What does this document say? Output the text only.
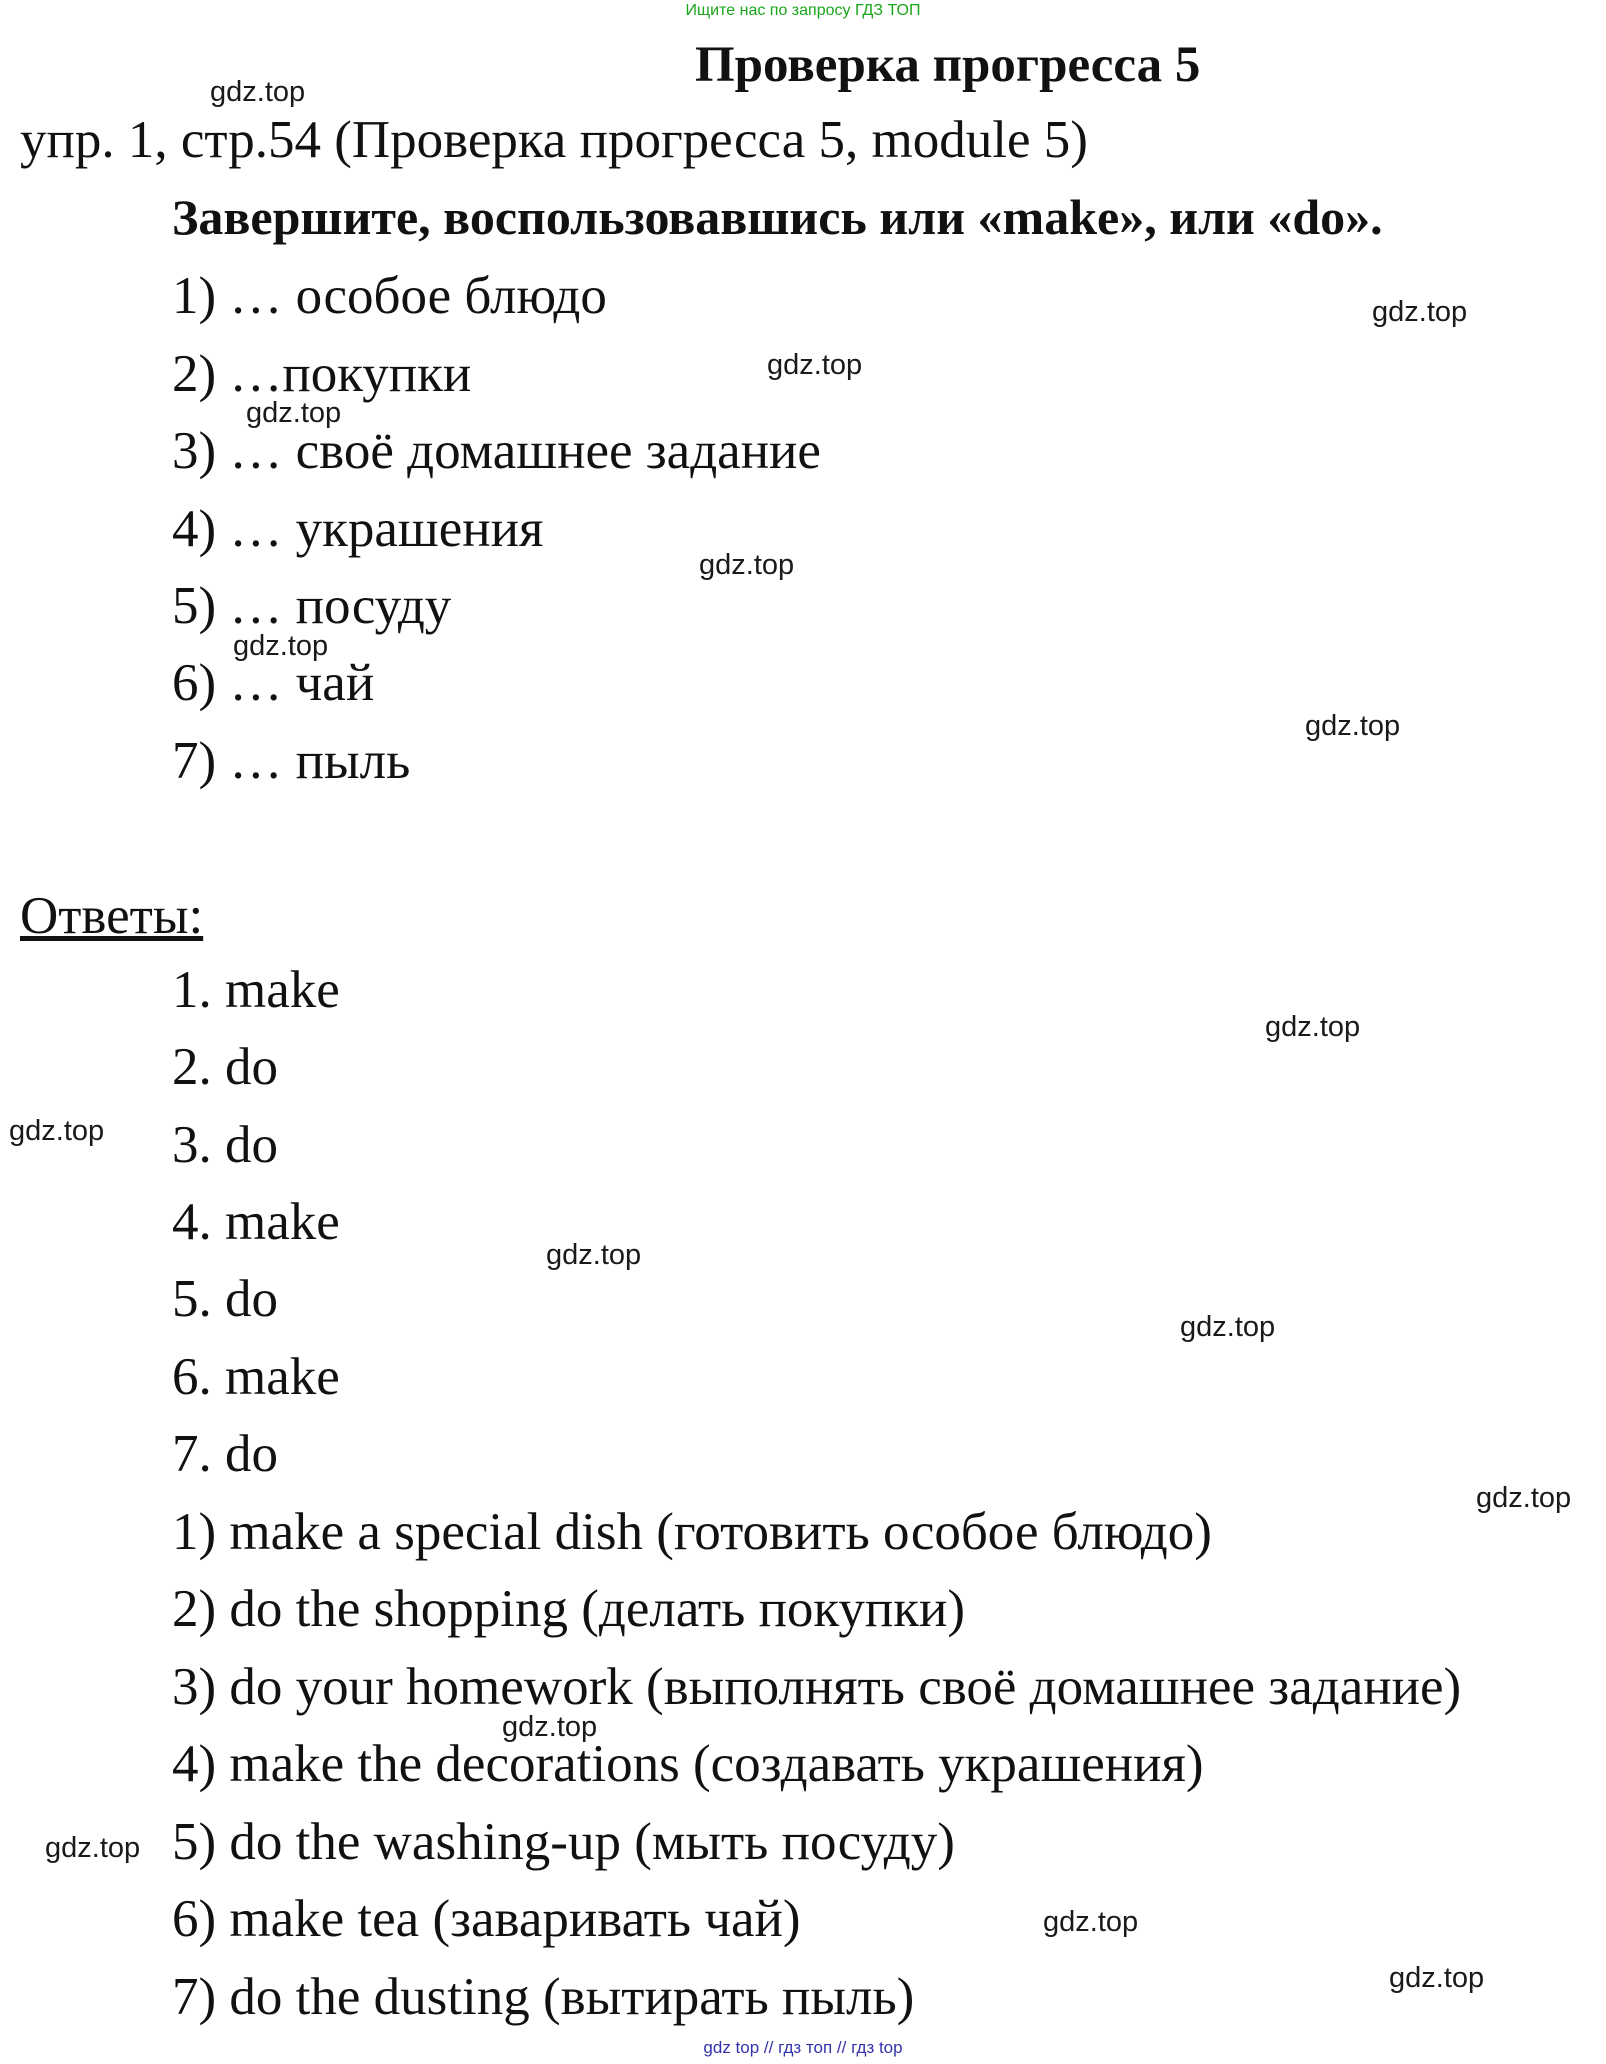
Ищите нас по запросу ГДЗ ТОП
Проверка прогресса 5
упр. 1, стр.54 (Проверка прогресса 5, module 5)
Завершите, воспользовавшись или «make», или «do».
1) … особое блюдо
2) …покупки
3) … своё домашнее задание
4) … украшения
5) … посуду
6) … чай
7) … пыль
Ответы:
1. make
2. do
3. do
4. make
5. do
6. make
7. do
1) make a special dish (готовить особое блюдо)
2) do the shopping (делать покупки)
3) do your homework (выполнять своё домашнее задание)
4) make the decorations (создавать украшения)
5) do the washing-up (мыть посуду)
6) make tea (заваривать чай)
7) do the dusting (вытирать пыль)
gdz.top
gdz.top
gdz.top
gdz.top
gdz.top
gdz.top
gdz.top
gdz.top
gdz.top
gdz.top
gdz.top
gdz.top
gdz.top
gdz.top
gdz.top
gdz.top
gdz top // гдз топ // гдз top
